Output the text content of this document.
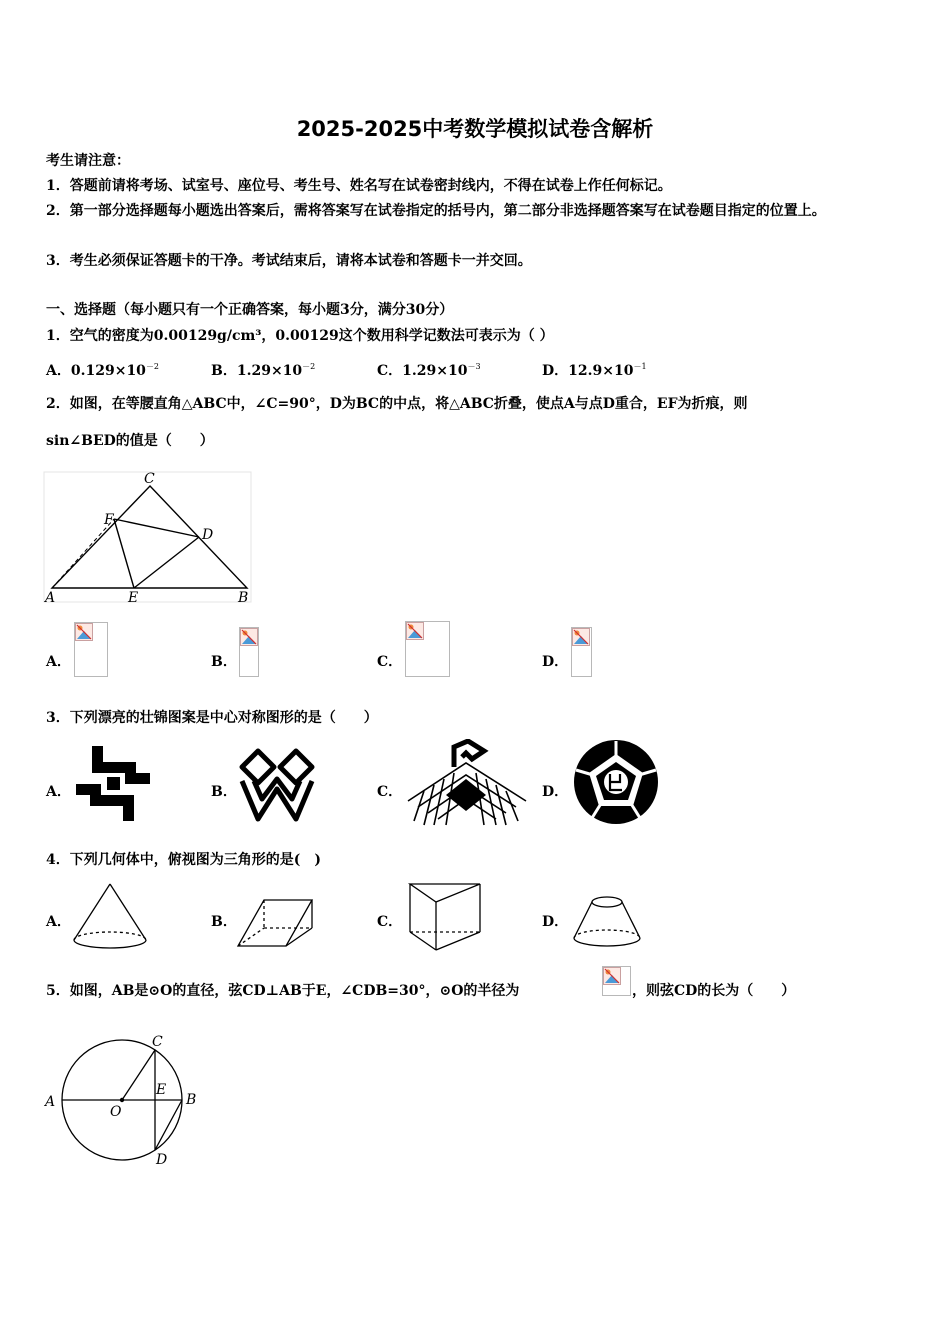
2025-2025中考数学模拟试卷含解析
考生请注意：
1．答题前请将考场、试室号、座位号、考生号、姓名写在试卷密封线内，不得在试卷上作任何标记。
2．第一部分选择题每小题选出答案后，需将答案写在试卷指定的括号内，第二部分非选择题答案写在试卷题目指定的位置上。
3．考生必须保证答题卡的干净。考试结束后，请将本试卷和答题卡一并交回。
一、选择题（每小题只有一个正确答案，每小题3分，满分30分）
1．空气的密度为0.00129g/cm³，0.00129这个数用科学记数法可表示为（ ）
A．$0.129\times 10^{-2}$	B．$1.29\times 10^{-2}$	C．$1.29\times 10^{-3}$	D．$12.9\times 10^{-1}$
2．如图，在等腰直角△ABC中，∠C=90°，D为BC的中点，将△ABC折叠，使点A与点D重合，EF为折痕，则
sin∠BED的值是（　　）
C
F
D
A	E	B
A．	B．	C．	D．
3．下列漂亮的壮锦图案是中心对称图形的是（　　）
A．	B．	C．	D．
4．下列几何体中，俯视图为三角形的是(　)
A．	B．	C．	D．
5．如图，AB是⊙O的直径，弦CD⊥AB于E，∠CDB=30°，⊙O的半径为	，则弦CD的长为（　　）
A
O
C
E
B
D
